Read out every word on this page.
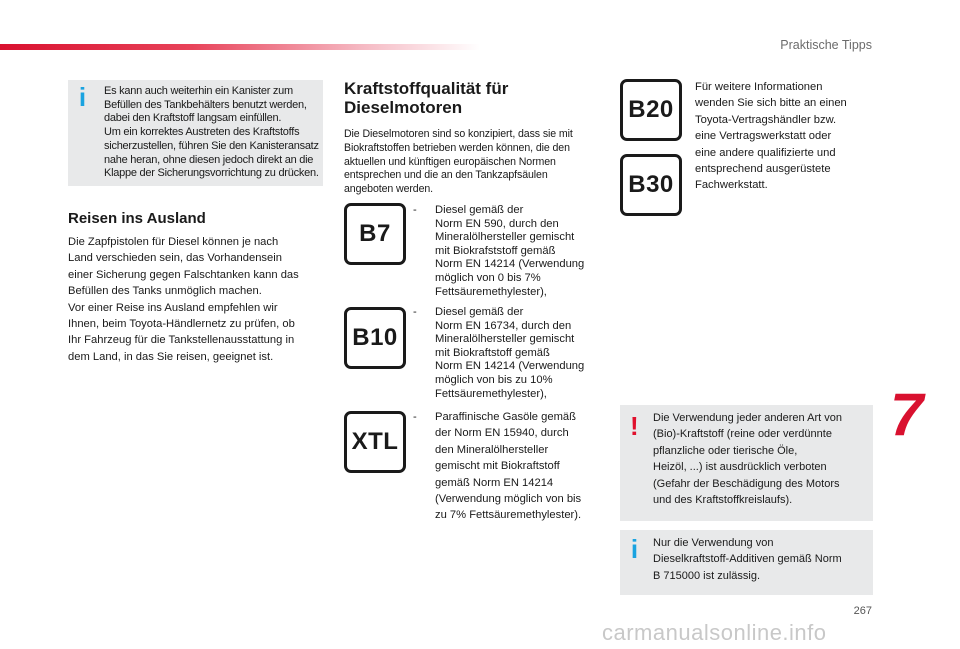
Praktische Tipps
i Es kann auch weiterhin ein Kanister zum
Befüllen des Tankbehälters benutzt werden,
dabei den Kraftstoff langsam einfüllen.
Um ein korrektes Austreten des Kraftstoffs
sicherzustellen, führen Sie den Kanisteransatz
nahe heran, ohne diesen jedoch direkt an die
Klappe der Sicherungsvorrichtung zu drücken.
Reisen ins Ausland
Die Zapfpistolen für Diesel können je nach
Land verschieden sein, das Vorhandensein
einer Sicherung gegen Falschtanken kann das
Befüllen des Tanks unmöglich machen.
Vor einer Reise ins Ausland empfehlen wir
Ihnen, beim Toyota-Händlernetz zu prüfen, ob
Ihr Fahrzeug für die Tankstellenausstattung in
dem Land, in das Sie reisen, geeignet ist.
Kraftstoffqualität für
Dieselmotoren
Die Dieselmotoren sind so konzipiert, dass sie mit
Biokraftstoffen betrieben werden können, die den
aktuellen und künftigen europäischen Normen
entsprechen und die an den Tankzapfsäulen
angeboten werden.
B7
- Diesel gemäß der
Norm EN 590, durch den
Mineralölhersteller gemischt
mit Biokrafststoff gemäß
Norm EN 14214 (Verwendung
möglich von 0 bis 7%
Fettsäuremethylester),
B10
- Diesel gemäß der
Norm EN 16734, durch den
Mineralölhersteller gemischt
mit Biokraftstoff gemäß
Norm EN 14214 (Verwendung
möglich von bis zu 10%
Fettsäuremethylester),
XTL
- Paraffinische Gasöle gemäß
der Norm EN 15940, durch
den Mineralölhersteller
gemischt mit Biokraftstoff
gemäß Norm EN 14214
(Verwendung möglich von bis
zu 7% Fettsäuremethylester).
B20
B30
Für weitere Informationen
wenden Sie sich bitte an einen
Toyota-Vertragshändler bzw.
eine Vertragswerkstatt oder
eine andere qualifizierte und
entsprechend ausgerüstete
Fachwerkstatt.
! Die Verwendung jeder anderen Art von
(Bio)-Kraftstoff (reine oder verdünnte
pflanzliche oder tierische Öle,
Heizöl, ...) ist ausdrücklich verboten
(Gefahr der Beschädigung des Motors
und des Kraftstoffkreislaufs).
i Nur die Verwendung von
Dieselkraftstoff-Additiven gemäß Norm
B 715000 ist zulässig.
7
267
carmanualsonline.info
